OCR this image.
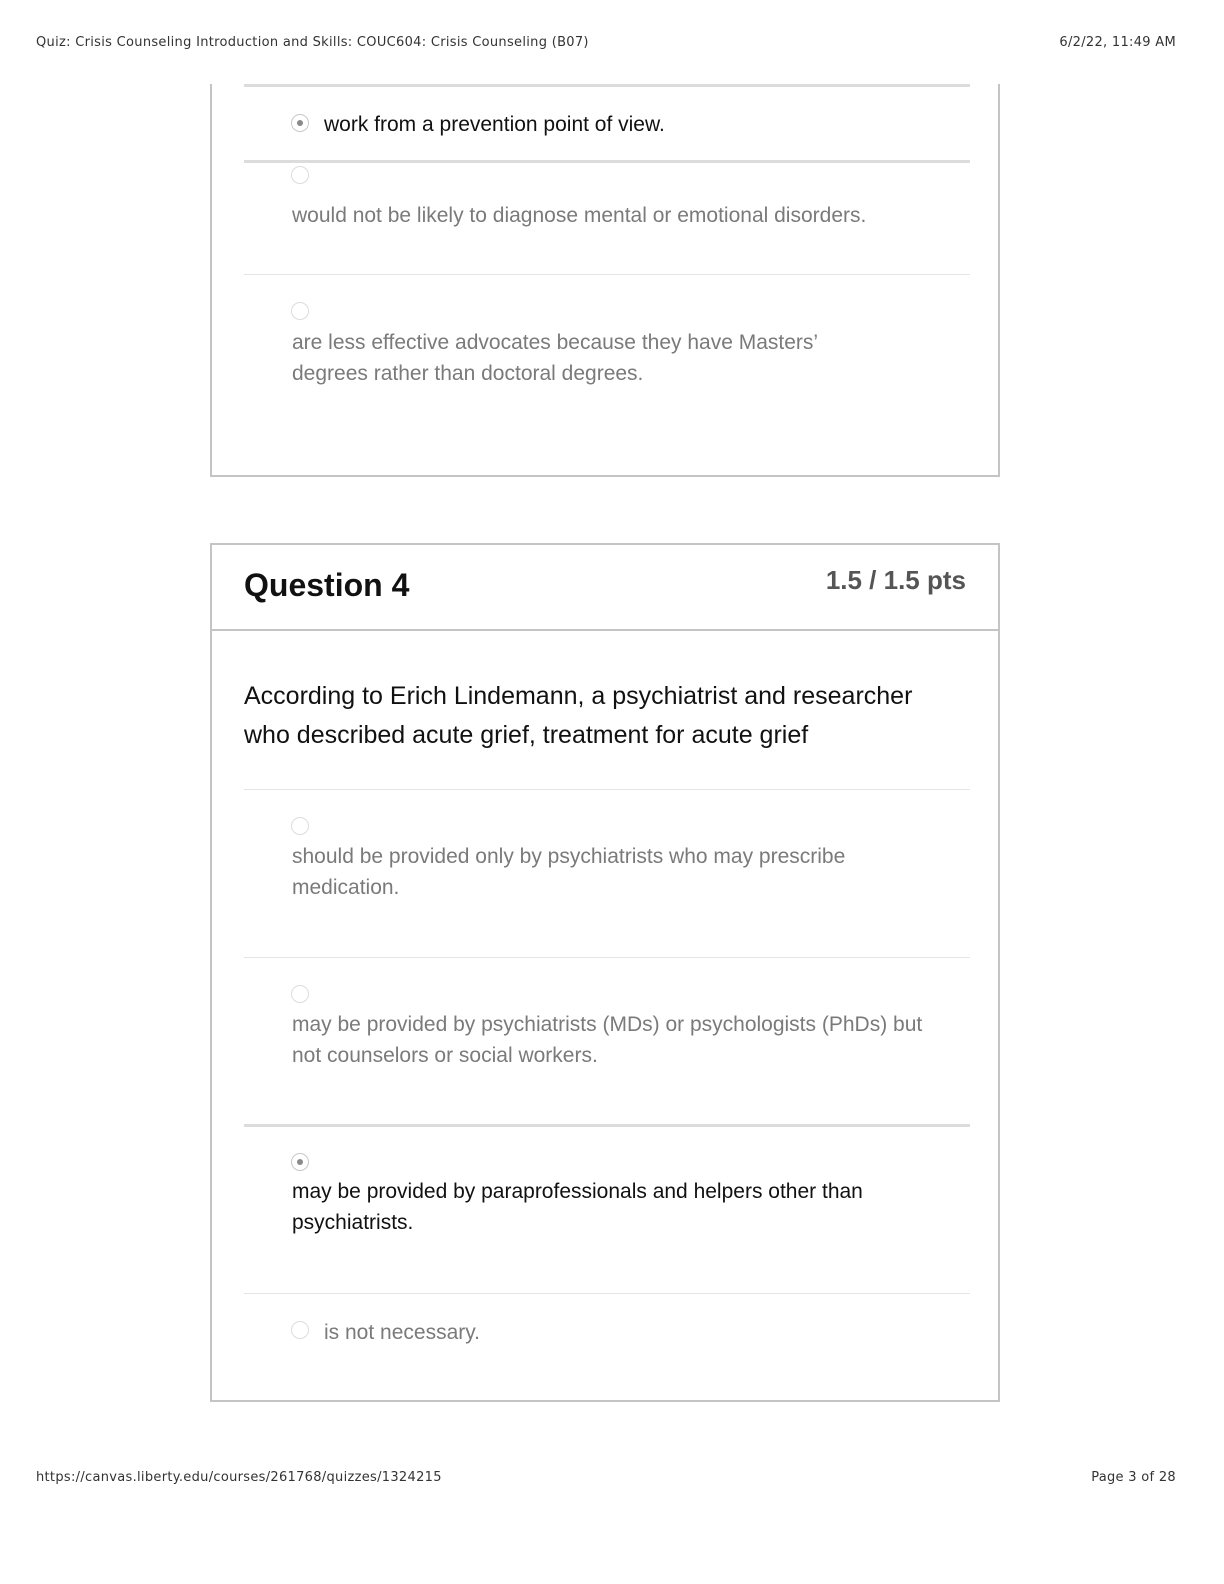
Quiz: Crisis Counseling Introduction and Skills: COUC604: Crisis Counseling (B07)	6/2/22, 11:49 AM
work from a prevention point of view.
would not be likely to diagnose mental or emotional disorders.
are less effective advocates because they have Masters’ degrees rather than doctoral degrees.
Question 4	1.5 / 1.5 pts
According to Erich Lindemann, a psychiatrist and researcher who described acute grief, treatment for acute grief
should be provided only by psychiatrists who may prescribe medication.
may be provided by psychiatrists (MDs) or psychologists (PhDs) but not counselors or social workers.
may be provided by paraprofessionals and helpers other than psychiatrists.
is not necessary.
https://canvas.liberty.edu/courses/261768/quizzes/1324215	Page 3 of 28
